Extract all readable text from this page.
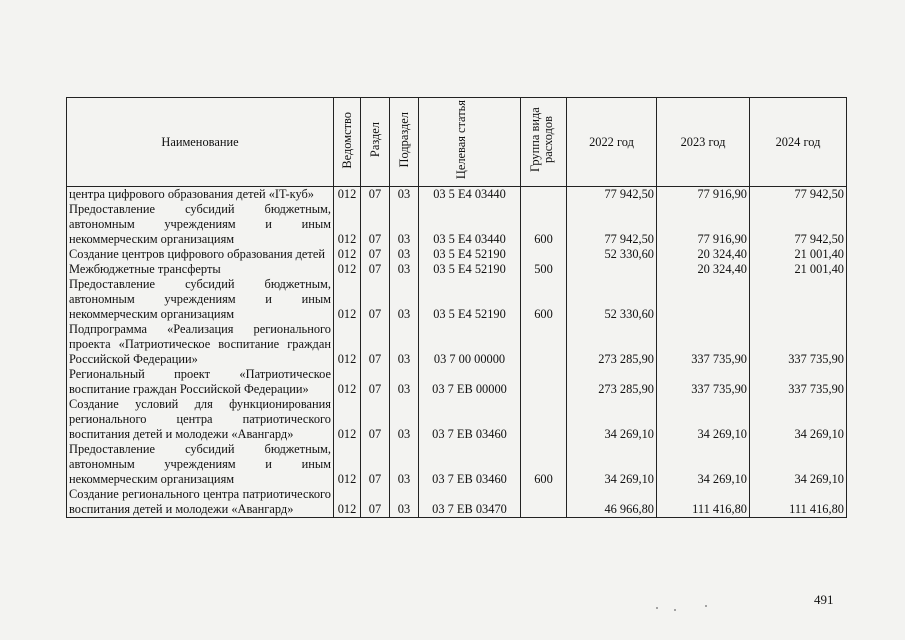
Наименование	Ведомство	Раздел	Подраздел	Целевая статья	Группа вида расходов	2022 год	2023 год	2024 год
центра цифрового образования детей «IT-куб»	012	07	03	03 5 Е4 03440		77 942,50	77 916,90	77 942,50
Предоставление субсидий бюджетным, автономным учреждениям и иным некоммерческим организациям	012	07	03	03 5 Е4 03440	600	77 942,50	77 916,90	77 942,50
Создание центров цифрового образования детей	012	07	03	03 5 Е4 52190		52 330,60	20 324,40	21 001,40
Межбюджетные трансферты	012	07	03	03 5 Е4 52190	500		20 324,40	21 001,40
Предоставление субсидий бюджетным, автономным учреждениям и иным некоммерческим организациям	012	07	03	03 5 Е4 52190	600	52 330,60		
Подпрограмма «Реализация регионального проекта «Патриотическое воспитание граждан Российской Федерации»	012	07	03	03 7 00 00000		273 285,90	337 735,90	337 735,90
Региональный проект «Патриотическое воспитание граждан Российской Федерации»	012	07	03	03 7 ЕВ 00000		273 285,90	337 735,90	337 735,90
Создание условий для функционирования регионального центра патриотического воспитания детей и молодежи «Авангард»	012	07	03	03 7 ЕВ 03460		34 269,10	34 269,10	34 269,10
Предоставление субсидий бюджетным, автономным учреждениям и иным некоммерческим организациям	012	07	03	03 7 ЕВ 03460	600	34 269,10	34 269,10	34 269,10
Создание регионального центра патриотического воспитания детей и молодежи «Авангард»	012	07	03	03 7 ЕВ 03470		46 966,80	111 416,80	111 416,80
491
